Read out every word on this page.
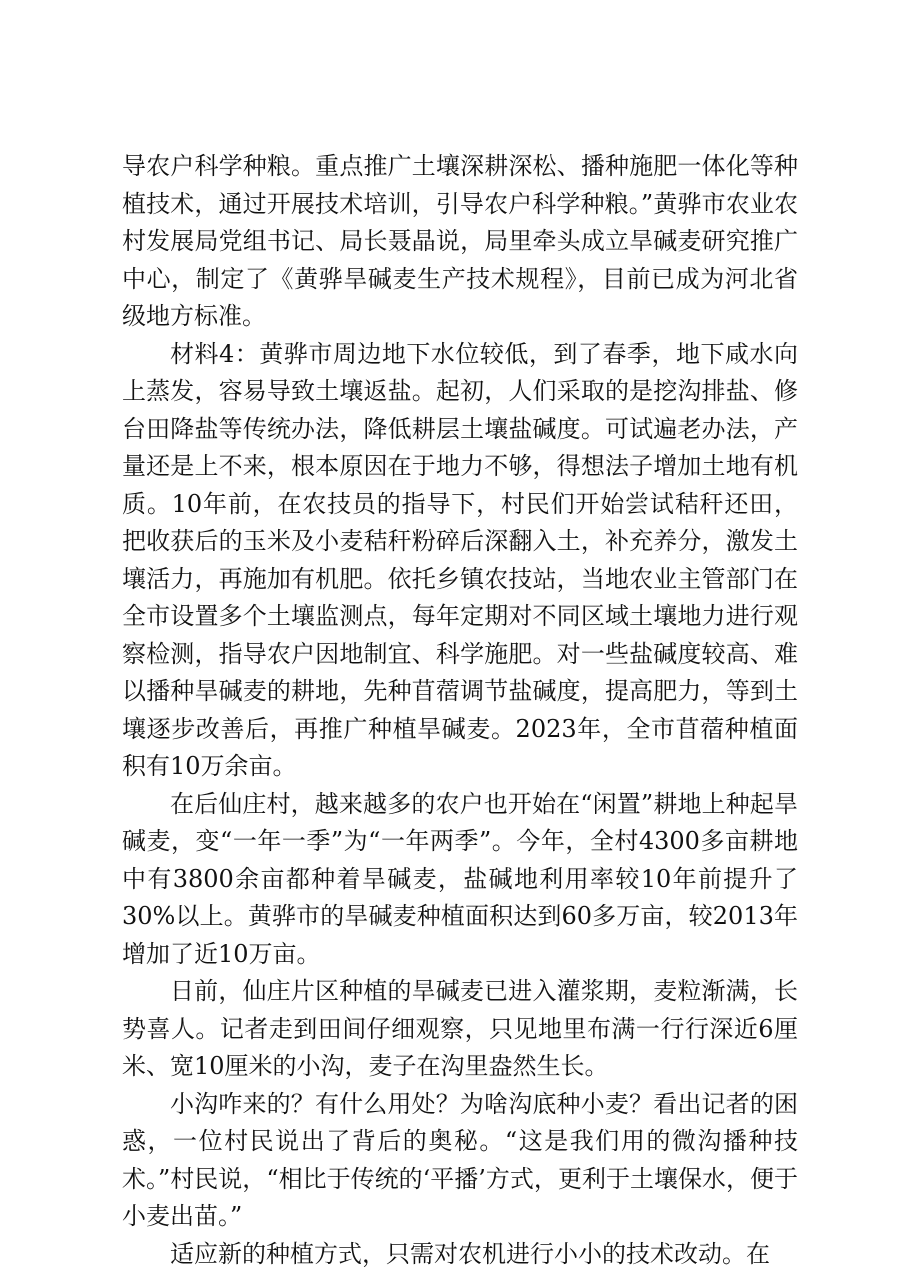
导农户科学种粮。重点推广土壤深耕深松、播种施肥一体化等种植技术，通过开展技术培训，引导农户科学种粮。”黄骅市农业农村发展局党组书记、局长聂晶说，局里牵头成立旱碱麦研究推广中心，制定了《黄骅旱碱麦生产技术规程》，目前已成为河北省级地方标准。

材料4：黄骅市周边地下水位较低，到了春季，地下咸水向上蒸发，容易导致土壤返盐。起初，人们采取的是挖沟排盐、修台田降盐等传统办法，降低耕层土壤盐碱度。可试遍老办法，产量还是上不来，根本原因在于地力不够，得想法子增加土地有机质。10年前，在农技员的指导下，村民们开始尝试秸秆还田，把收获后的玉米及小麦秸秆粉碎后深翻入土，补充养分，激发土壤活力，再施加有机肥。依托乡镇农技站，当地农业主管部门在全市设置多个土壤监测点，每年定期对不同区域土壤地力进行观察检测，指导农户因地制宜、科学施肥。对一些盐碱度较高、难以播种旱碱麦的耕地，先种苜蓿调节盐碱度，提高肥力，等到土壤逐步改善后，再推广种植旱碱麦。2023年，全市苜蓿种植面积有10万余亩。

在后仙庄村，越来越多的农户也开始在“闲置”耕地上种起旱碱麦，变“一年一季”为“一年两季”。今年，全村4300多亩耕地中有3800余亩都种着旱碱麦，盐碱地利用率较10年前提升了30%以上。黄骅市的旱碱麦种植面积达到60多万亩，较2013年增加了近10万亩。

日前，仙庄片区种植的旱碱麦已进入灌浆期，麦粒渐满，长势喜人。记者走到田间仔细观察，只见地里布满一行行深近6厘米、宽10厘米的小沟，麦子在沟里盎然生长。

小沟咋来的？有什么用处？为啥沟底种小麦？看出记者的困惑，一位村民说出了背后的奥秘。“这是我们用的微沟播种技术。”村民说，“相比于传统的‘平播’方式，更利于土壤保水，便于小麦出苗。”

适应新的种植方式，只需对农机进行小小的技术改动。在
